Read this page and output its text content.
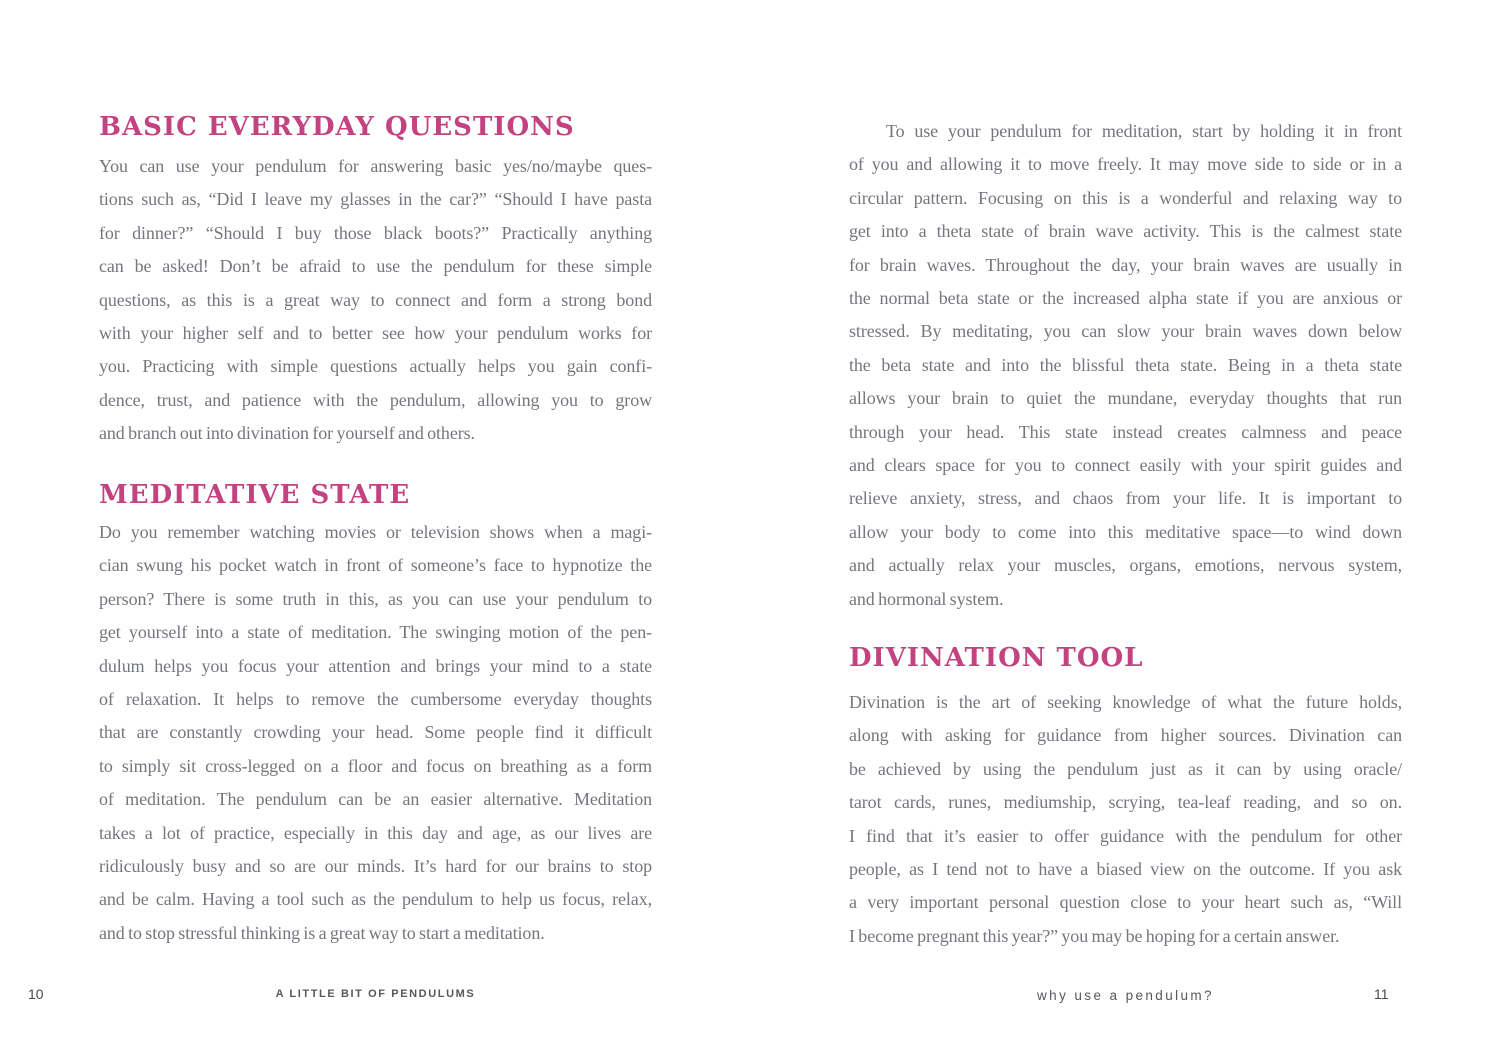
BASIC EVERYDAY QUESTIONS
You can use your pendulum for answering basic yes/no/maybe ques-
tions such as, “Did I leave my glasses in the car?” “Should I have pasta
for dinner?” “Should I buy those black boots?” Practically anything
can be asked! Don’t be afraid to use the pendulum for these simple
questions, as this is a great way to connect and form a strong bond
with your higher self and to better see how your pendulum works for
you. Practicing with simple questions actually helps you gain confi-
dence, trust, and patience with the pendulum, allowing you to grow
and branch out into divination for yourself and others.
MEDITATIVE STATE
Do you remember watching movies or television shows when a magi-
cian swung his pocket watch in front of someone’s face to hypnotize the
person? There is some truth in this, as you can use your pendulum to
get yourself into a state of meditation. The swinging motion of the pen-
dulum helps you focus your attention and brings your mind to a state
of relaxation. It helps to remove the cumbersome everyday thoughts
that are constantly crowding your head. Some people find it difficult
to simply sit cross-legged on a floor and focus on breathing as a form
of meditation. The pendulum can be an easier alternative. Meditation
takes a lot of practice, especially in this day and age, as our lives are
ridiculously busy and so are our minds. It’s hard for our brains to stop
and be calm. Having a tool such as the pendulum to help us focus, relax,
and to stop stressful thinking is a great way to start a meditation.
10	A LITTLE BIT OF PENDULUMS
To use your pendulum for meditation, start by holding it in front
of you and allowing it to move freely. It may move side to side or in a
circular pattern. Focusing on this is a wonderful and relaxing way to
get into a theta state of brain wave activity. This is the calmest state
for brain waves. Throughout the day, your brain waves are usually in
the normal beta state or the increased alpha state if you are anxious or
stressed. By meditating, you can slow your brain waves down below
the beta state and into the blissful theta state. Being in a theta state
allows your brain to quiet the mundane, everyday thoughts that run
through your head. This state instead creates calmness and peace
and clears space for you to connect easily with your spirit guides and
relieve anxiety, stress, and chaos from your life. It is important to
allow your body to come into this meditative space—to wind down
and actually relax your muscles, organs, emotions, nervous system,
and hormonal system.
DIVINATION TOOL
Divination is the art of seeking knowledge of what the future holds,
along with asking for guidance from higher sources. Divination can
be achieved by using the pendulum just as it can by using oracle/
tarot cards, runes, mediumship, scrying, tea-leaf reading, and so on.
I find that it’s easier to offer guidance with the pendulum for other
people, as I tend not to have a biased view on the outcome. If you ask
a very important personal question close to your heart such as, “Will
I become pregnant this year?” you may be hoping for a certain answer.
why use a pendulum?	11
